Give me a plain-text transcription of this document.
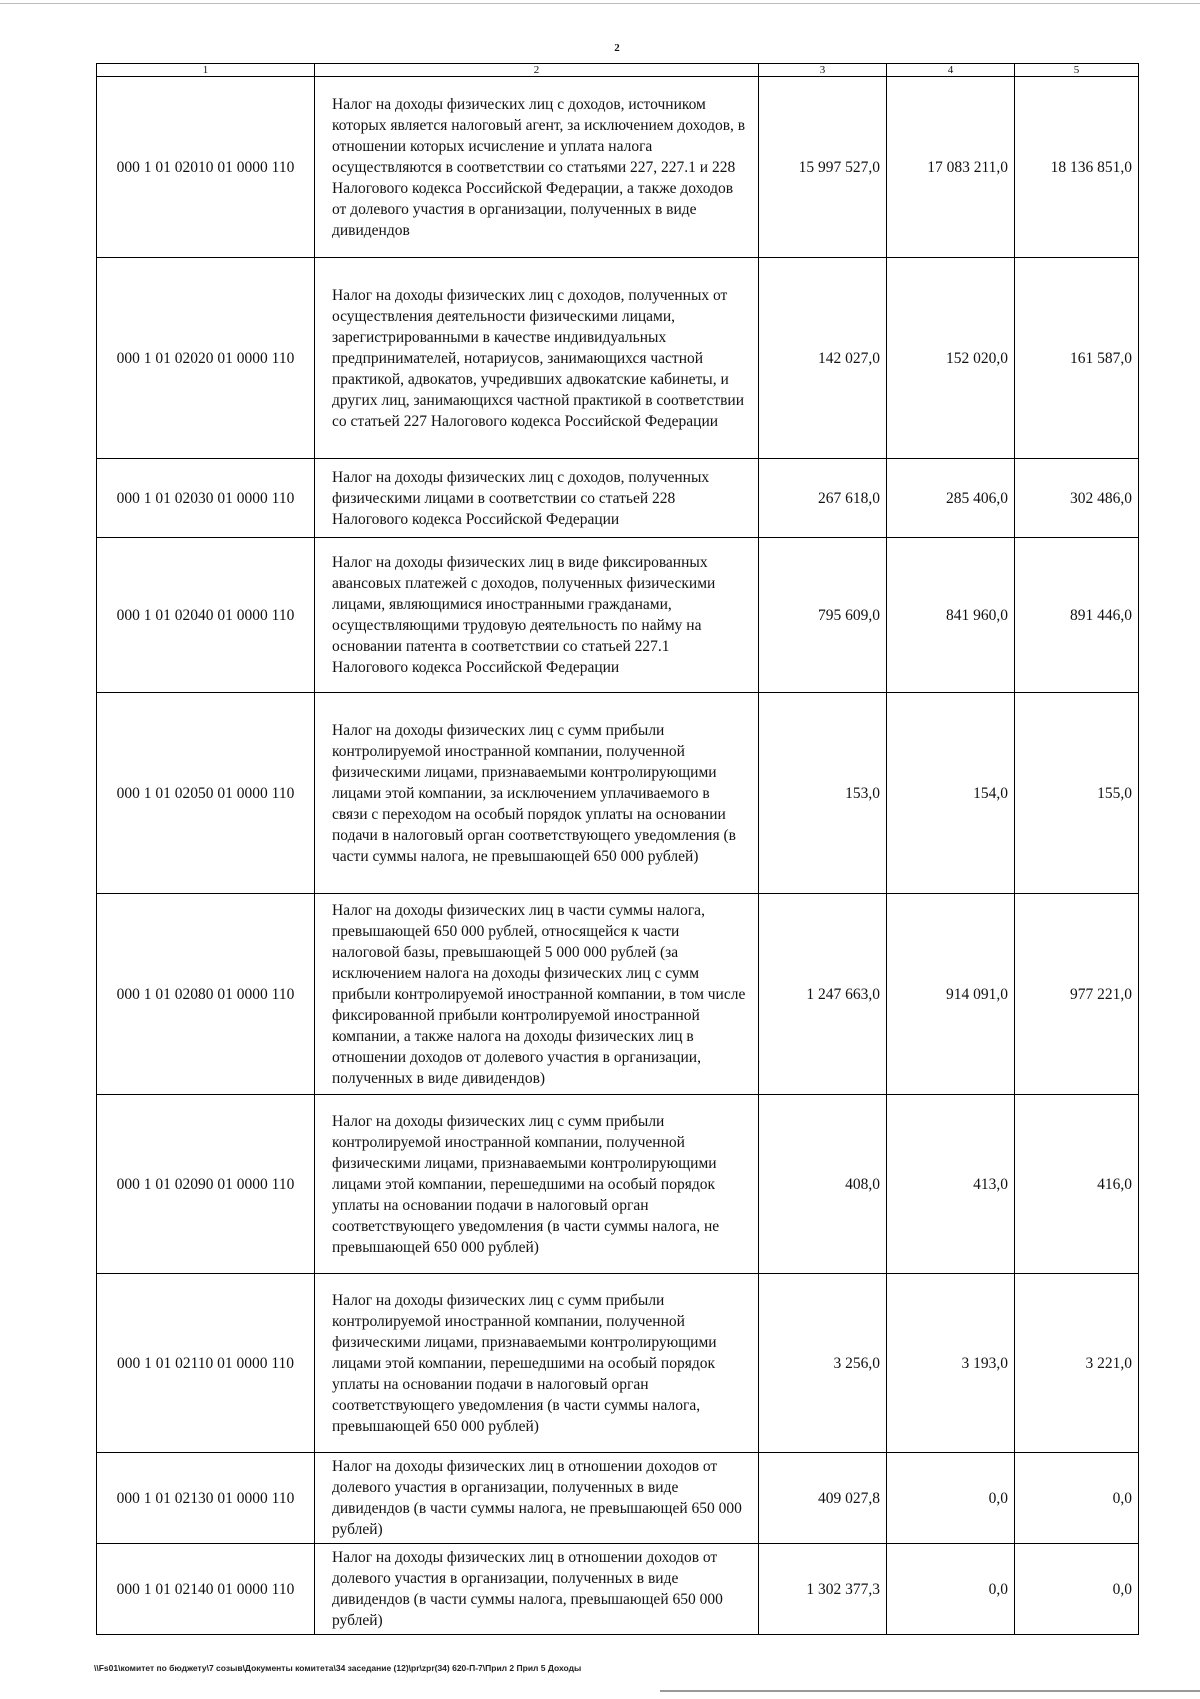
2
1	2	3	4	5
000 1 01 02010 01 0000 110	Налог на доходы физических лиц с доходов, источником которых является налоговый агент, за исключением доходов, в отношении которых исчисление и уплата налога осуществляются в соответствии со статьями 227, 227.1 и 228 Налогового кодекса Российской Федерации, а также доходов от долевого участия в организации, полученных в виде дивидендов	15 997 527,0	17 083 211,0	18 136 851,0
000 1 01 02020 01 0000 110	Налог на доходы физических лиц с доходов, полученных от осуществления деятельности физическими лицами, зарегистрированными в качестве индивидуальных предпринимателей, нотариусов, занимающихся частной практикой, адвокатов, учредивших адвокатские кабинеты, и других лиц, занимающихся частной практикой в соответствии со статьей 227 Налогового кодекса Российской Федерации	142 027,0	152 020,0	161 587,0
000 1 01 02030 01 0000 110	Налог на доходы физических лиц с доходов, полученных физическими лицами в соответствии со статьей 228 Налогового кодекса Российской Федерации	267 618,0	285 406,0	302 486,0
000 1 01 02040 01 0000 110	Налог на доходы физических лиц в виде фиксированных авансовых платежей с доходов, полученных физическими лицами, являющимися иностранными гражданами, осуществляющими трудовую деятельность по найму на основании патента в соответствии со статьей 227.1 Налогового кодекса Российской Федерации	795 609,0	841 960,0	891 446,0
000 1 01 02050 01 0000 110	Налог на доходы физических лиц с сумм прибыли контролируемой иностранной компании, полученной физическими лицами, признаваемыми контролирующими лицами этой компании, за исключением уплачиваемого в связи с переходом на особый порядок уплаты на основании подачи в налоговый орган соответствующего уведомления (в части суммы налога, не превышающей 650 000 рублей)	153,0	154,0	155,0
000 1 01 02080 01 0000 110	Налог на доходы физических лиц в части суммы налога, превышающей 650 000 рублей, относящейся к части налоговой базы, превышающей 5 000 000 рублей (за исключением налога на доходы физических лиц с сумм прибыли контролируемой иностранной компании, в том числе фиксированной прибыли контролируемой иностранной компании, а также налога на доходы физических лиц в отношении доходов от долевого участия в организации, полученных в виде дивидендов)	1 247 663,0	914 091,0	977 221,0
000 1 01 02090 01 0000 110	Налог на доходы физических лиц с сумм прибыли контролируемой иностранной компании, полученной физическими лицами, признаваемыми контролирующими лицами этой компании, перешедшими на особый порядок уплаты на основании подачи в налоговый орган соответствующего уведомления (в части суммы налога, не превышающей 650 000 рублей)	408,0	413,0	416,0
000 1 01 02110 01 0000 110	Налог на доходы физических лиц с сумм прибыли контролируемой иностранной компании, полученной физическими лицами, признаваемыми контролирующими лицами этой компании, перешедшими на особый порядок уплаты на основании подачи в налоговый орган соответствующего уведомления (в части суммы налога, превышающей 650 000 рублей)	3 256,0	3 193,0	3 221,0
000 1 01 02130 01 0000 110	Налог на доходы физических лиц в отношении доходов от долевого участия в организации, полученных в виде дивидендов (в части суммы налога, не превышающей 650 000 рублей)	409 027,8	0,0	0,0
000 1 01 02140 01 0000 110	Налог на доходы физических лиц в отношении доходов от долевого участия в организации, полученных в виде дивидендов (в части суммы налога, превышающей 650 000 рублей)	1 302 377,3	0,0	0,0
\\Fs01\комитет по бюджету\7 созыв\Документы комитета\34 заседание (12)\pr\zpr(34) 620-П-7\Прил 2 Прил 5 Доходы
